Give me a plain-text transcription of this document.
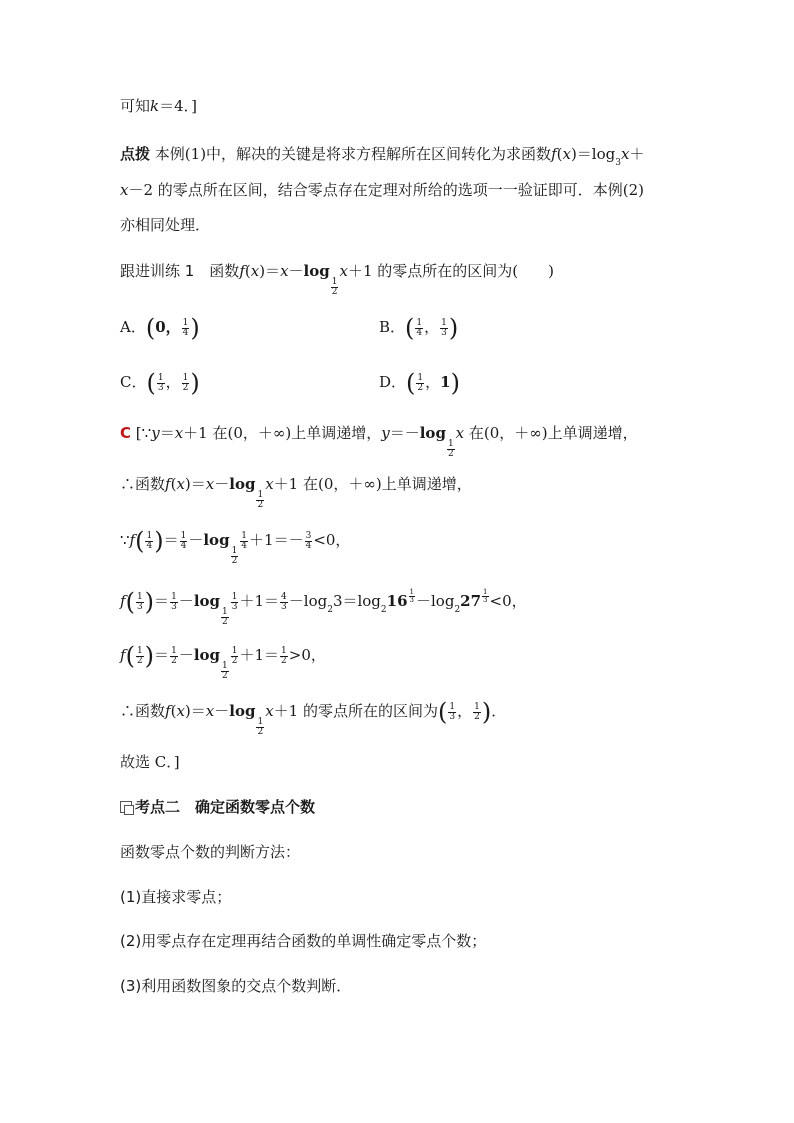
可知k＝4．]
点拨 本例(1)中，解决的关键是将求方程解所在区间转化为求函数$f(x)=\log_3x+$
x－2 的零点所在区间，结合零点存在定理对所给的选项一一验证即可．本例(2)
亦相同处理．
跟进训练 1　函数f(x)＝x－log
$\frac{1}{2}$
x＋1 的零点所在的区间为(　　)
A．(0， $\frac{1}{4}$ )	B．( $\frac{1}{4}$ ， $\frac{1}{3}$ )
C．( $\frac{1}{3}$ ， $\frac{1}{2}$ )	D．( $\frac{1}{2}$ ，1)
C [∵y＝x＋1 在(0，＋∞)上单调递增，y＝－log
$\frac{1}{2}$
x 在(0，＋∞)上单调递增，
∴函数f(x)＝x－log
$\frac{1}{2}$
x＋1 在(0，＋∞)上单调递增，
∵f( $\frac{1}{4}$ )＝ $\frac{1}{4} -\log$
$\frac{1}{2}$
$\frac{1}{4} +1=- \frac{3}{4} <0$，
$f( \frac{1}{3}$ )＝ $\frac{1}{3} -\log$
$\frac{1}{2}$
$\frac{1}{3} +1= \frac{4}{3} -\log_23=\log_216 \frac{1}{3} -\log_227 \frac{1}{3} <0$，
$f( \frac{1}{2}$ )＝ $\frac{1}{2} -\log$
$\frac{1}{2}$
$\frac{1}{2} +1= \frac{1}{2} >0$，
∴函数f(x)＝x－log
$\frac{1}{2}$
x＋1 的零点所在的区间为( $\frac{1}{3}$ ， $\frac{1}{2}$ )．
故选 C．]
考点二　确定函数零点个数
函数零点个数的判断方法：
(1)直接求零点；
(2)用零点存在定理再结合函数的单调性确定零点个数；
(3)利用函数图象的交点个数判断．
